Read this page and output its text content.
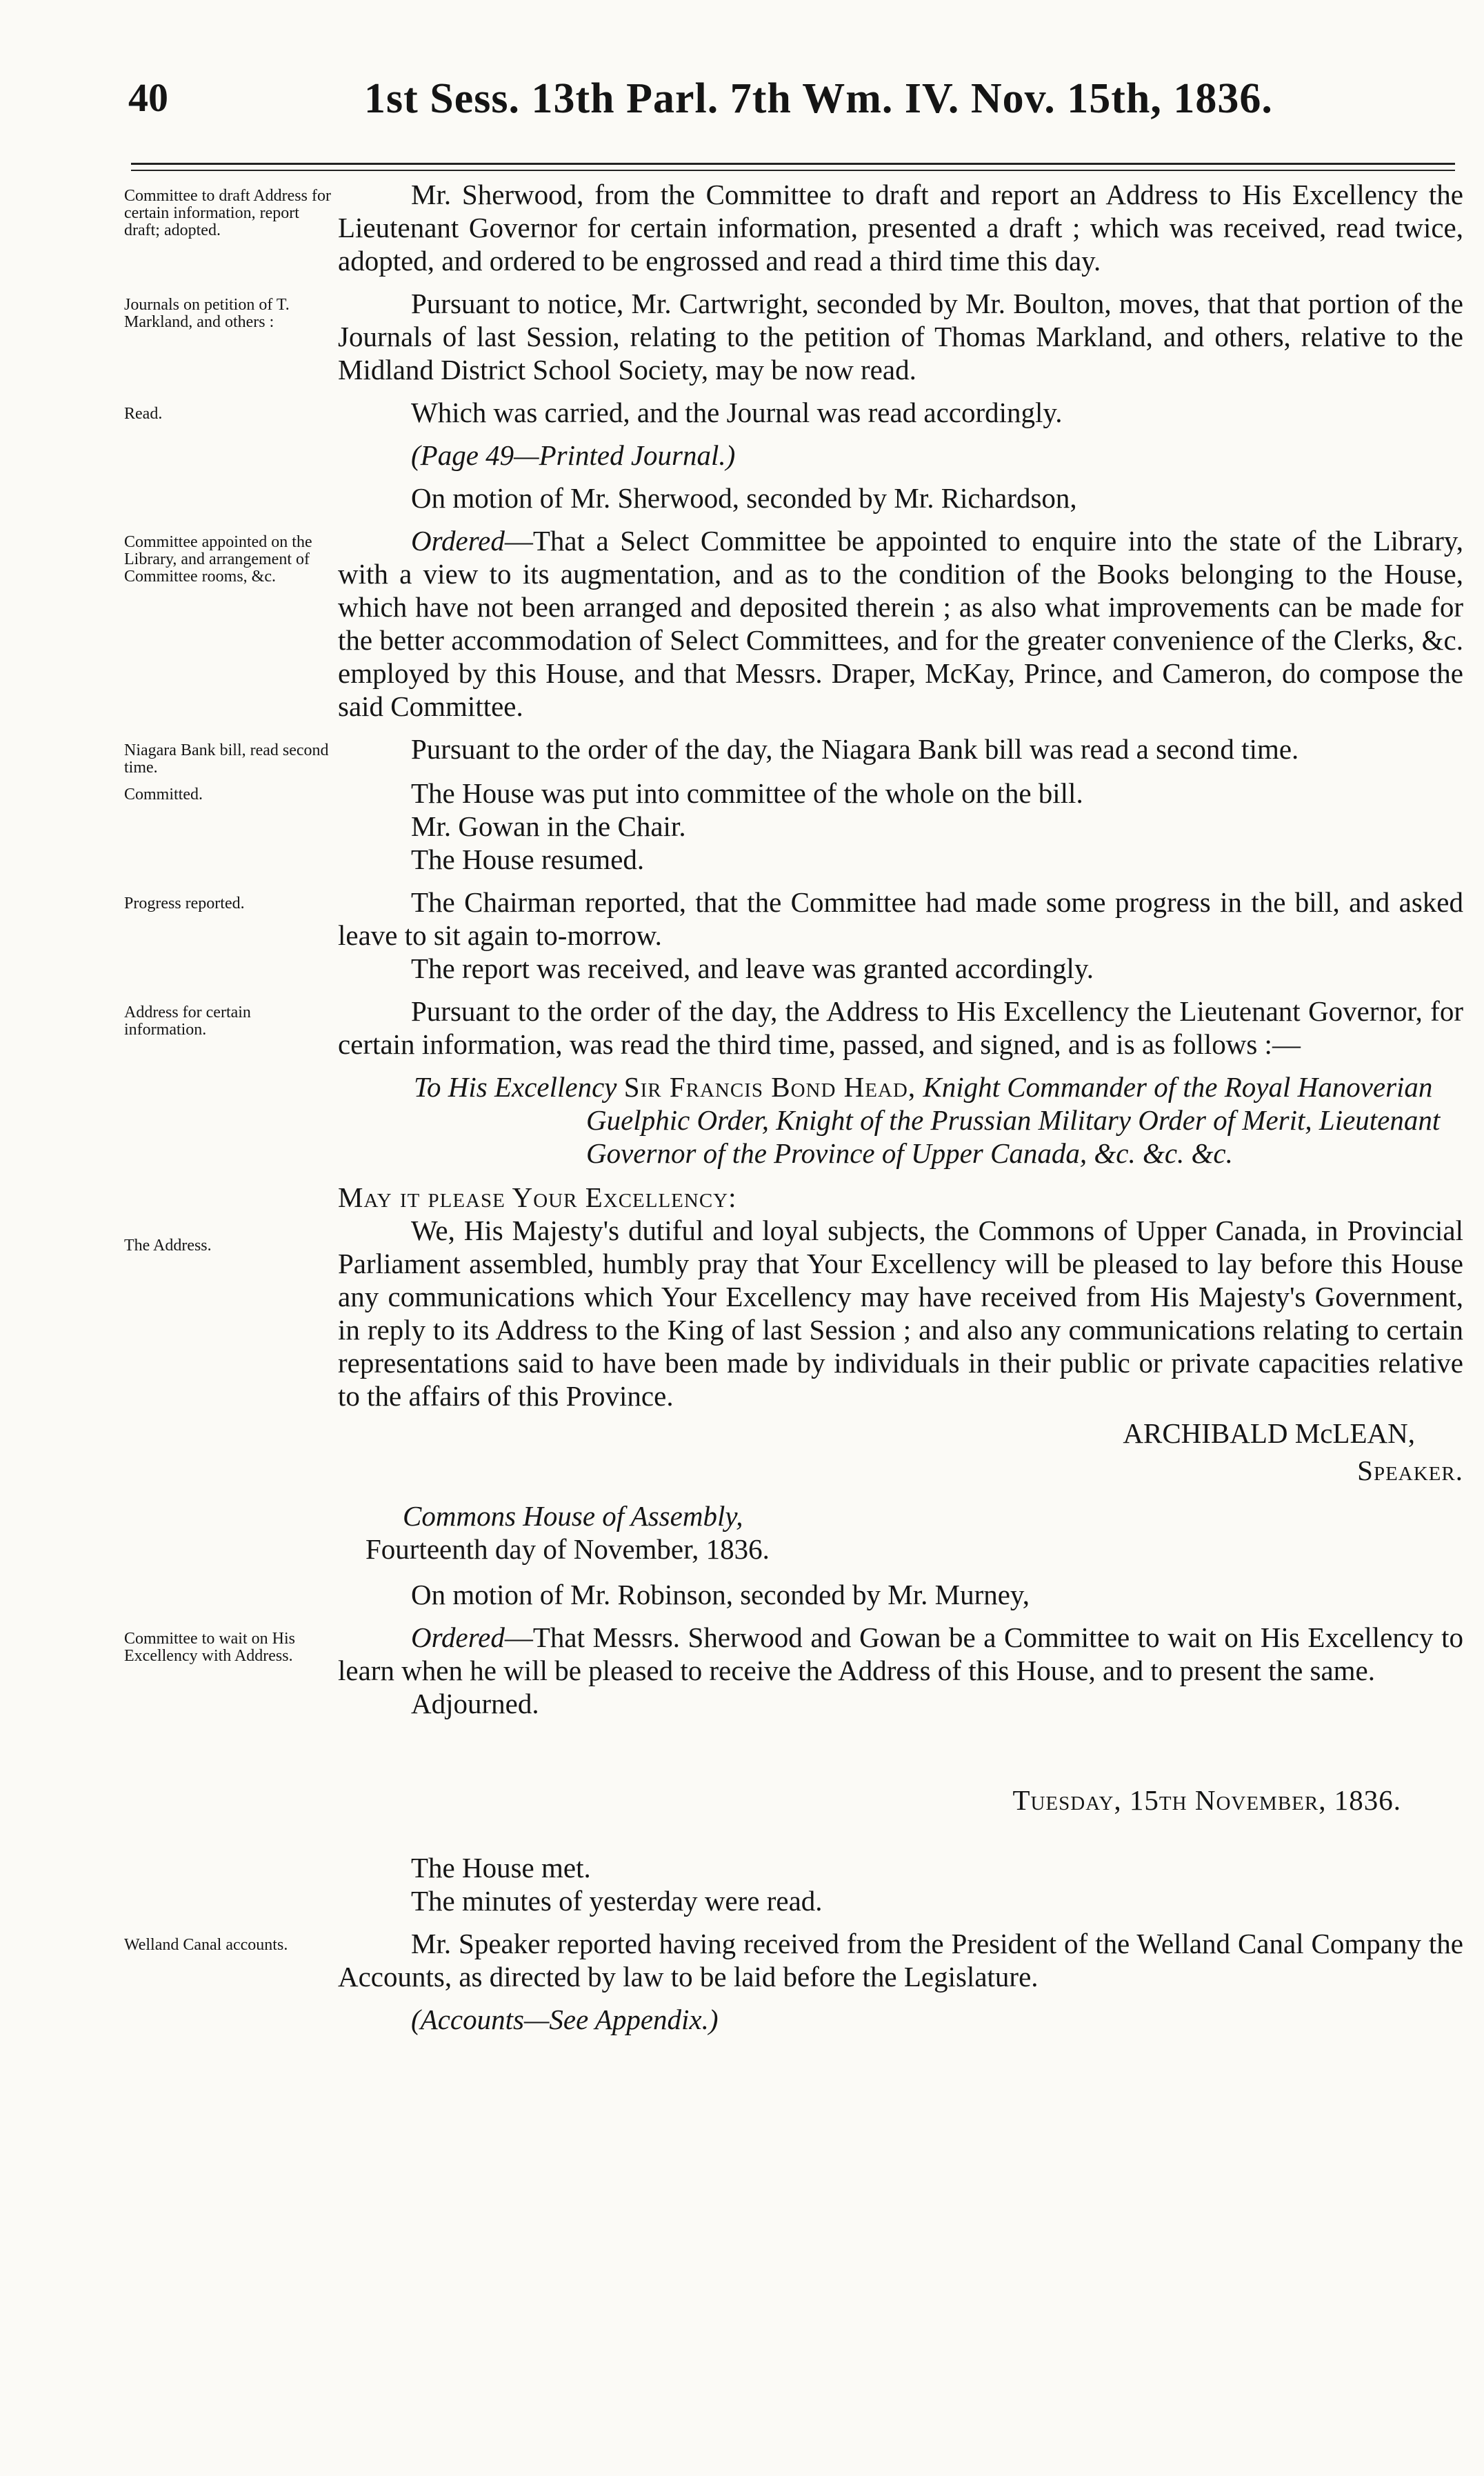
40	1st Sess. 13th Parl. 7th Wm. IV. Nov. 15th, 1836.
Committee to draft Address for certain information, report draft; adopted.

Mr. Sherwood, from the Committee to draft and report an Address to His Excellency the Lieutenant Governor for certain information, presented a draft ; which was received, read twice, adopted, and ordered to be engrossed and read a third time this day.

Journals on petition of T. Markland, and others :

Pursuant to notice, Mr. Cartwright, seconded by Mr. Boulton, moves, that that portion of the Journals of last Session, relating to the petition of Thomas Markland, and others, relative to the Midland District School Society, may be now read.

Read.	Which was carried, and the Journal was read accordingly.

(Page 49—Printed Journal.)

On motion of Mr. Sherwood, seconded by Mr. Richardson,

Committee appointed on the Library, and arrangement of Committee rooms, &c.

Ordered—That a Select Committee be appointed to enquire into the state of the Library, with a view to its augmentation, and as to the condition of the Books belonging to the House, which have not been arranged and deposited therein ; as also what improvements can be made for the better accommodation of Select Committees, and for the greater convenience of the Clerks, &c. employed by this House, and that Messrs. Draper, McKay, Prince, and Cameron, do compose the said Committee.

Niagara Bank bill, read second time.

Pursuant to the order of the day, the Niagara Bank bill was read a second time.

Committed.	The House was put into committee of the whole on the bill.

Mr. Gowan in the Chair.

The House resumed.

Progress reported.	The Chairman reported, that the Committee had made some progress in the bill, and asked leave to sit again to-morrow.

The report was received, and leave was granted accordingly.

Address for certain information.

Pursuant to the order of the day, the Address to His Excellency the Lieutenant Governor, for certain information, was read the third time, passed, and signed, and is as follows :—

To His Excellency Sir Francis Bond Head, Knight Commander of the Royal Hanoverian Guelphic Order, Knight of the Prussian Military Order of Merit, Lieutenant Governor of the Province of Upper Canada, &c. &c. &c.

May it please Your Excellency:

The Address.	We, His Majesty's dutiful and loyal subjects, the Commons of Upper Canada, in Provincial Parliament assembled, humbly pray that Your Excellency will be pleased to lay before this House any communications which Your Excellency may have received from His Majesty's Government, in reply to its Address to the King of last Session ; and also any communications relating to certain representations said to have been made by individuals in their public or private capacities relative to the affairs of this Province.

ARCHIBALD McLEAN,

Speaker.

Commons House of Assembly,

Fourteenth day of November, 1836.

On motion of Mr. Robinson, seconded by Mr. Murney,

Committee to wait on His Excellency with Address.

Ordered—That Messrs. Sherwood and Gowan be a Committee to wait on His Excellency to learn when he will be pleased to receive the Address of this House, and to present the same.

Adjourned.

Tuesday, 15th November, 1836.

The House met.

The minutes of yesterday were read.

Welland Canal accounts.	Mr. Speaker reported having received from the President of the Welland Canal Company the Accounts, as directed by law to be laid before the Legislature.

(Accounts—See Appendix.)
